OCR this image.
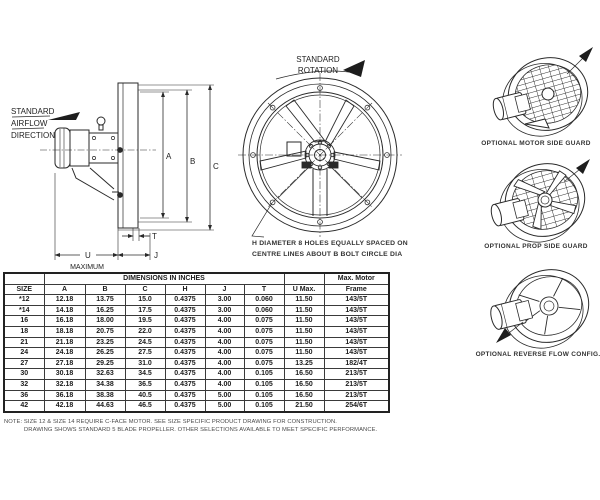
STANDARD
AIRFLOW
DIRECTION
A
B
C
T
J
U
MAXIMUM
STANDARD
ROTATION
H DIAMETER 8 HOLES EQUALLY SPACED ON
CENTRE LINES ABOUT B BOLT CIRCLE DIA
OPTIONAL MOTOR SIDE GUARD
OPTIONAL PROP SIDE GUARD
OPTIONAL REVERSE FLOW CONFIG.
	DIMENSIONS IN INCHES							Max. Motor
SIZE	A	B	C	H	J	T	U Max.	Frame
*12	12.18	13.75	15.0	0.4375	3.00	0.060	11.50	143/5T
*14	14.18	16.25	17.5	0.4375	3.00	0.060	11.50	143/5T
16	16.18	18.00	19.5	0.4375	4.00	0.075	11.50	143/5T
18	18.18	20.75	22.0	0.4375	4.00	0.075	11.50	143/5T
21	21.18	23.25	24.5	0.4375	4.00	0.075	11.50	143/5T
24	24.18	26.25	27.5	0.4375	4.00	0.075	11.50	143/5T
27	27.18	29.25	31.0	0.4375	4.00	0.075	13.25	182/4T
30	30.18	32.63	34.5	0.4375	4.00	0.105	16.50	213/5T
32	32.18	34.38	36.5	0.4375	4.00	0.105	16.50	213/5T
36	36.18	38.38	40.5	0.4375	5.00	0.105	16.50	213/5T
42	42.18	44.63	46.5	0.4375	5.00	0.105	21.50	254/6T
NOTE: SIZE 12 & SIZE 14 REQUIRE C-FACE MOTOR. SEE SIZE SPECIFIC PRODUCT DRAWING FOR CONSTRUCTION.
DRAWING SHOWS STANDARD 5 BLADE PROPELLER. OTHER SELECTIONS AVAILABLE TO MEET SPECIFIC PERFORMANCE.
